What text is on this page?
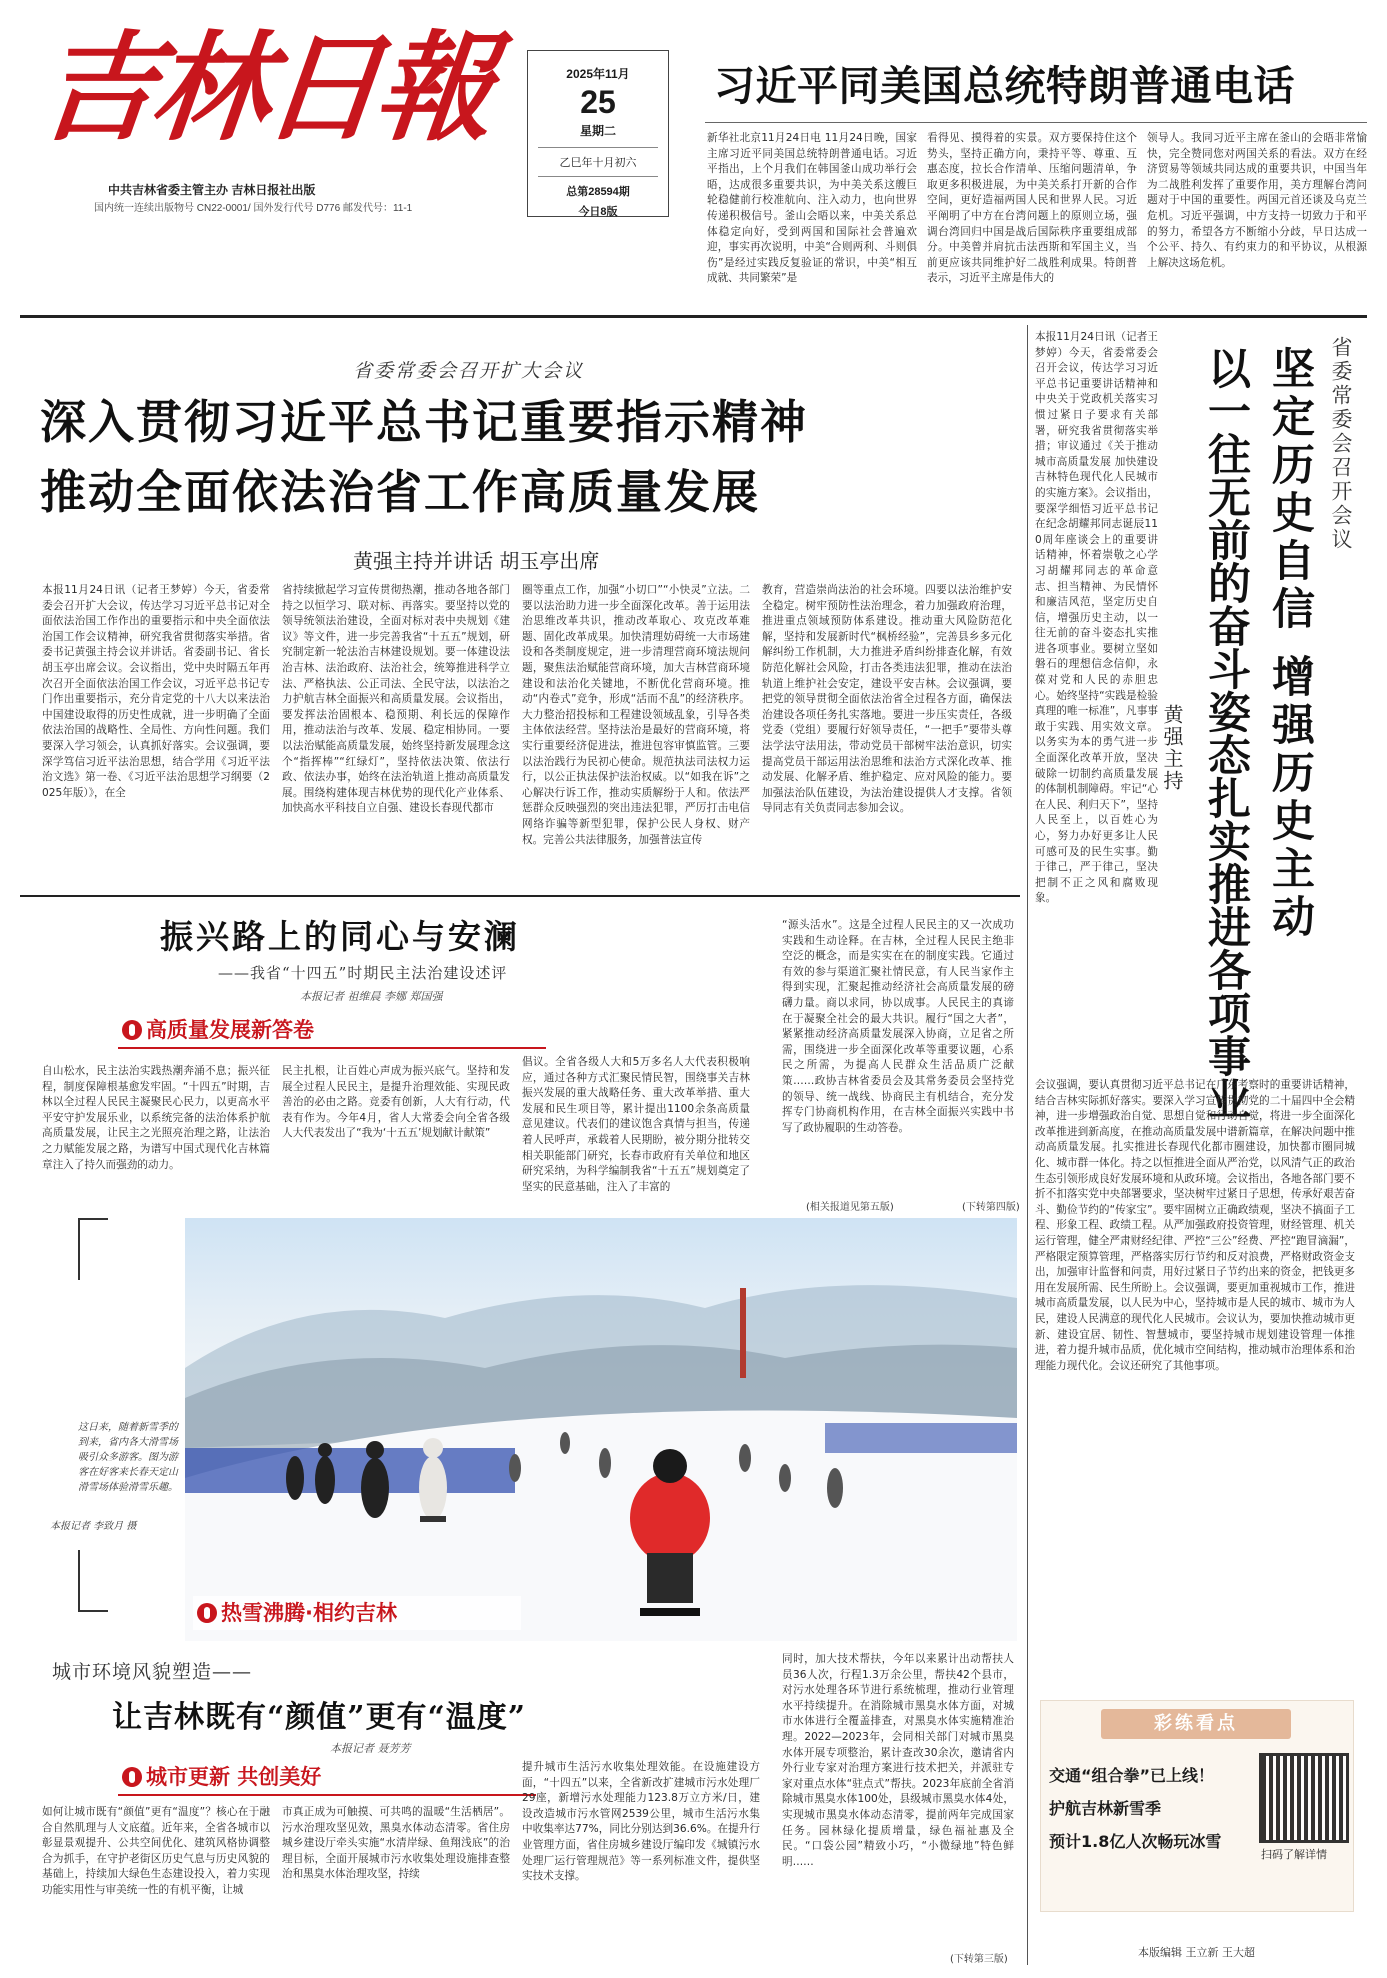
吉林日報
中共吉林省委主管主办 吉林日报社出版
国内统一连续出版物号 CN22-0001/ 国外发行代号 D776 邮发代号：11-1
2025年11月
25
星期二
乙巳年十月初六
总第28594期
今日8版
习近平同美国总统特朗普通电话
新华社北京11月24日电 11月24日晚，国家主席习近平同美国总统特朗普通电话。习近平指出，上个月我们在韩国釜山成功举行会晤，达成很多重要共识，为中美关系这艘巨轮稳健前行校准航向、注入动力，也向世界传递积极信号。釜山会晤以来，中美关系总体稳定向好，受到两国和国际社会普遍欢迎，事实再次说明，中美“合则两利、斗则俱伤”是经过实践反复验证的常识，中美“相互成就、共同繁荣”是
看得见、摸得着的实景。双方要保持住这个势头，坚持正确方向，秉持平等、尊重、互惠态度，拉长合作清单、压缩问题清单，争取更多积极进展，为中美关系打开新的合作空间，更好造福两国人民和世界人民。习近平阐明了中方在台湾问题上的原则立场，强调台湾回归中国是战后国际秩序重要组成部分。中美曾并肩抗击法西斯和军国主义，当前更应该共同维护好二战胜利成果。特朗普表示，习近平主席是伟大的
领导人。我同习近平主席在釜山的会晤非常愉快，完全赞同您对两国关系的看法。双方在经济贸易等领域共同达成的重要共识，中国当年为二战胜利发挥了重要作用，美方理解台湾问题对于中国的重要性。两国元首还谈及乌克兰危机。习近平强调，中方支持一切致力于和平的努力，希望各方不断缩小分歧，早日达成一个公平、持久、有约束力的和平协议，从根源上解决这场危机。
省委常委会召开扩大会议
深入贯彻习近平总书记重要指示精神
推动全面依法治省工作高质量发展
黄强主持并讲话 胡玉亭出席
本报11月24日讯（记者王梦婷）今天，省委常委会召开扩大会议，传达学习习近平总书记对全面依法治国工作作出的重要指示和中央全面依法治国工作会议精神，研究我省贯彻落实举措。省委书记黄强主持会议并讲话。省委副书记、省长胡玉亭出席会议。会议指出，党中央时隔五年再次召开全面依法治国工作会议，习近平总书记专门作出重要指示，充分肯定党的十八大以来法治中国建设取得的历史性成就，进一步明确了全面依法治国的战略性、全局性、方向性问题。我们要深入学习领会，认真抓好落实。会议强调，要深学笃信习近平法治思想，结合学用《习近平法治文选》第一卷、《习近平法治思想学习纲要（2025年版）》，在全
省持续掀起学习宣传贯彻热潮，推动各地各部门持之以恒学习、联对标、再落实。要坚持以党的领导统领法治建设，全面对标对表中央规划《建议》等文件，进一步完善我省“十五五”规划，研究制定新一轮法治吉林建设规划。要一体建设法治吉林、法治政府、法治社会，统筹推进科学立法、严格执法、公正司法、全民守法，以法治之力护航吉林全面振兴和高质量发展。会议指出，要发挥法治固根本、稳预期、利长远的保障作用，推动法治与改革、发展、稳定相协同。一要以法治赋能高质量发展，始终坚持新发展理念这个“指挥棒”“红绿灯”，坚持依法决策、依法行政、依法办事，始终在法治轨道上推动高质量发展。围绕构建体现吉林优势的现代化产业体系、加快高水平科技自立自强、建设长春现代都市
圈等重点工作，加强“小切口”“小快灵”立法。二要以法治助力进一步全面深化改革。善于运用法治思维改革共识，推动改革取心、攻克改革难题、固化改革成果。加快清理妨碍统一大市场建设和各类制度规定，进一步清理营商环境法规问题，聚焦法治赋能营商环境，加大吉林营商环境建设和法治化关键地，不断优化营商环境。推动“内卷式”竞争，形成“活而不乱”的经济秩序。大力整治招投标和工程建设领域乱象，引导各类主体依法经营。坚持法治是最好的营商环境，将实行重要经济促进法，推进包容审慎监管。三要以法治践行为民初心使命。规范执法司法权力运行，以公正执法保护法治权威。以“如我在诉”之心解决行诉工作，推动实质解纷于人和。依法严惩群众反映强烈的突出违法犯罪，严厉打击电信网络诈骗等新型犯罪，保护公民人身权、财产权。完善公共法律服务，加强普法宣传
教育，营造崇尚法治的社会环境。四要以法治维护安全稳定。树牢预防性法治理念，着力加强政府治理，推进重点领域预防体系建设。推动重大风险防范化解，坚持和发展新时代“枫桥经验”，完善县乡多元化解纠纷工作机制，大力推进矛盾纠纷排查化解，有效防范化解社会风险，打击各类违法犯罪，推动在法治轨道上维护社会安定，建设平安吉林。会议强调，要把党的领导贯彻全面依法治省全过程各方面，确保法治建设各项任务扎实落地。要进一步压实责任，各级党委（党组）要履行好领导责任，“一把手”要带头尊法学法守法用法，带动党员干部树牢法治意识，切实提高党员干部运用法治思维和法治方式深化改革、推动发展、化解矛盾、维护稳定、应对风险的能力。要加强法治队伍建设，为法治建设提供人才支撑。省领导同志有关负责同志参加会议。
振兴路上的同心与安澜
——我省“十四五”时期民主法治建设述评
本报记者 祖维晨 李娜 郑国强
高质量发展新答卷
自山松水，民主法治实践热潮奔涌不息；振兴征程，制度保障根基愈发牢固。“十四五”时期，吉林以全过程人民民主凝聚民心民力，以更高水平平安守护发展乐业，以系统完备的法治体系护航高质量发展，让民主之光照亮治理之路，让法治之力赋能发展之路，为谱写中国式现代化吉林篇章注入了持久而强劲的动力。
民主扎根，让百姓心声成为振兴底气。坚持和发展全过程人民民主，是提升治理效能、实现民政善治的必由之路。竞委有创新，人大有行动，代表有作为。今年4月，省人大常委会向全省各级人大代表发出了“我为‘十五五’规划献计献策”
倡议。全省各级人大和5万多名人大代表积极响应，通过各种方式汇聚民情民智，围绕事关吉林振兴发展的重大战略任务、重大改革举措、重大发展和民生项目等，累计提出1100余条高质量意见建议。代表们的建议饱含真情与担当，传递着人民呼声，承载着人民期盼，被分期分批转交相关职能部门研究，长春市政府有关单位和地区研究采纳，为科学编制我省“十五五”规划奠定了坚实的民意基础，注入了丰富的
(相关报道见第五版)
“源头活水”。这是全过程人民民主的又一次成功实践和生动诠释。在吉林，全过程人民民主绝非空泛的概念，而是实实在在的制度实践。它通过有效的参与渠道汇聚社情民意，有人民当家作主得到实现，汇聚起推动经济社会高质量发展的磅礴力量。商以求同，协以成事。人民民主的真谛在于凝聚全社会的最大共识。履行“国之大者”，紧紧推动经济高质量发展深入协商，立足省之所需，围绕进一步全面深化改革等重要议题，心系民之所需，为提高人民群众生活品质广泛献策……政协吉林省委员会及其常务委员会坚持党的领导、统一战线、协商民主有机结合，充分发挥专门协商机构作用，在吉林全面振兴实践中书写了政协履职的生动答卷。
(下转第四版)
这日来，随着新雪季的到来，省内各大滑雪场吸引众多游客。图为游客在好客来长春天定山滑雪场体验滑雪乐趣。
本报记者 李致月 摄
热雪沸腾·相约吉林
城市环境风貌塑造——
让吉林既有“颜值”更有“温度”
本报记者 聂芳芳
城市更新 共创美好
如何让城市既有“颜值”更有“温度”？核心在于融合自然肌理与人文底蕴。近年来，全省各城市以彰显景观提升、公共空间优化、建筑风格协调整合为抓手，在守护老街区历史气息与历史风貌的基础上，持续加大绿色生态建设投入，着力实现功能实用性与审美统一性的有机平衡，让城
市真正成为可触摸、可共鸣的温暖“生活栖居”。污水治理攻坚见效，黑臭水体动态清零。省住房城乡建设厅牵头实施“水清岸绿、鱼翔浅底”的治理目标，全面开展城市污水收集处理设施排查整治和黑臭水体治理攻坚，持续
提升城市生活污水收集处理效能。在设施建设方面，“十四五”以来，全省新改扩建城市污水处理厂29座，新增污水处理能力123.8万立方米/日，建设改造城市污水管网2539公里，城市生活污水集中收集率达77%，同比分别达到36.6%。在提升行业管理方面，省住房城乡建设厅编印发《城镇污水处理厂运行管理规范》等一系列标准文件，提供坚实技术支撑。
同时，加大技术帮扶，今年以来累计出动帮扶人员36人次，行程1.3万余公里，帮扶42个县市，对污水处理各环节进行系统梳理，推动行业管理水平持续提升。在消除城市黑臭水体方面，对城市水体进行全覆盖排查，对黑臭水体实施精准治理。2022—2023年，会同相关部门对城市黑臭水体开展专项整治，累计查改30余次，邀请省内外行业专家对治理方案进行技术把关，并派驻专家对重点水体“驻点式”帮扶。2023年底前全省消除城市黑臭水体100处，县级城市黑臭水体4处，实现城市黑臭水体动态清零，提前两年完成国家任务。园林绿化提质增量，绿色福祉惠及全民。“口袋公园”精致小巧，“小微绿地”特色鲜明……
(下转第三版)
省委常委会召开会议
坚定历史自信 增强历史主动
以一往无前的奋斗姿态扎实推进各项事业
黄强主持
本报11月24日讯（记者王梦婷）今天，省委常委会召开会议，传达学习习近平总书记重要讲话精神和中央关于党政机关落实习惯过紧日子要求有关部署，研究我省贯彻落实举措；审议通过《关于推动城市高质量发展 加快建设吉林特色现代化人民城市的实施方案》。会议指出，要深学细悟习近平总书记在纪念胡耀邦同志诞辰110周年座谈会上的重要讲话精神，怀着崇敬之心学习胡耀邦同志的革命意志、担当精神、为民情怀和廉洁风范，坚定历史自信，增强历史主动，以一往无前的奋斗姿态扎实推进各项事业。要树立坚如磐石的理想信念信仰，永葆对党和人民的赤胆忠心。始终坚持“实践是检验真理的唯一标准”，凡事事敢于实践、用实效文章。以务实为本的勇气进一步全面深化改革开放，坚决破除一切制约高质量发展的体制机制障碍。牢记“心在人民、利归天下”，坚持人民至上，以百姓心为心，努力办好更多让人民可感可及的民生实事。勤于律己，严于律己，坚决把制不正之风和腐败现象。
会议强调，要认真贯彻习近平总书记在广东考察时的重要讲话精神，结合吉林实际抓好落实。要深入学习宣传贯彻党的二十届四中全会精神，进一步增强政治自觉、思想自觉和行动自觉，将进一步全面深化改革推进到新高度，在推动高质量发展中谱新篇章，在解决问题中推动高质量发展。扎实推进长春现代化都市圈建设，加快都市圈同城化、城市群一体化。持之以恒推进全面从严治党，以风清气正的政治生态引领形成良好发展环境和从政环境。会议指出，各地各部门要不折不扣落实党中央部署要求，坚决树牢过紧日子思想，传承好艰苦奋斗、勤俭节约的“传家宝”。要牢固树立正确政绩观，坚决不搞面子工程、形象工程、政绩工程。从严加强政府投资管理，财经管理、机关运行管理，健全严肃财经纪律、严控“三公”经费、严控“跑冒滴漏”，严格限定预算管理，严格落实厉行节约和反对浪费，严格财政资金支出，加强审计监督和问责，用好过紧日子节约出来的资金，把钱更多用在发展所需、民生所盼上。会议强调，要更加重视城市工作，推进城市高质量发展，以人民为中心，坚持城市是人民的城市、城市为人民，建设人民满意的现代化人民城市。会议认为，要加快推动城市更新、建设宜居、韧性、智慧城市，要坚持城市规划建设管理一体推进，着力提升城市品质，优化城市空间结构，推动城市治理体系和治理能力现代化。会议还研究了其他事项。
彩练看点
交通“组合拳”已上线！
护航吉林新雪季
预计1.8亿人次畅玩冰雪
扫码了解详情
本版编辑 王立新 王大超
